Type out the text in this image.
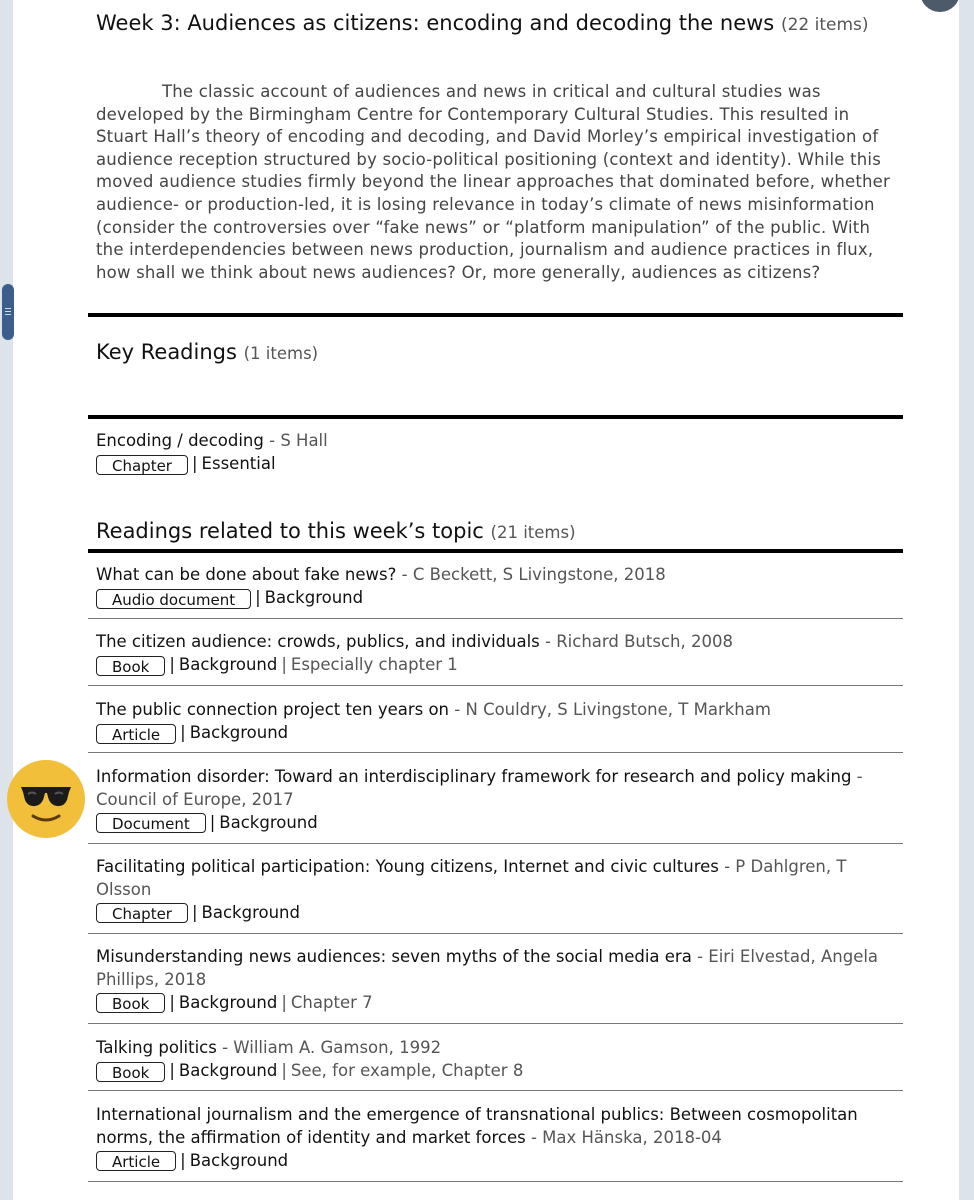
Week 3: Audiences as citizens: encoding and decoding the news (22 items)
The classic account of audiences and news in critical and cultural studies was developed by the Birmingham Centre for Contemporary Cultural Studies. This resulted in Stuart Hall’s theory of encoding and decoding, and David Morley’s empirical investigation of audience reception structured by socio-political positioning (context and identity). While this moved audience studies firmly beyond the linear approaches that dominated before, whether audience- or production-led, it is losing relevance in today’s climate of news misinformation (consider the controversies over “fake news” or “platform manipulation” of the public. With the interdependencies between news production, journalism and audience practices in flux, how shall we think about news audiences? Or, more generally, audiences as citizens?
Key Readings (1 items)
Encoding / decoding - S Hall
Chapter	| Essential
Readings related to this week’s topic (21 items)
What can be done about fake news? - C Beckett, S Livingstone, 2018
Audio document	| Background
The citizen audience: crowds, publics, and individuals - Richard Butsch, 2008
Book	| Background | Especially chapter 1
The public connection project ten years on - N Couldry, S Livingstone, T Markham
Article	| Background
Information disorder: Toward an interdisciplinary framework for research and policy making - Council of Europe, 2017
Document	| Background
Facilitating political participation: Young citizens, Internet and civic cultures - P Dahlgren, T Olsson
Chapter	| Background
Misunderstanding news audiences: seven myths of the social media era - Eiri Elvestad, Angela Phillips, 2018
Book	| Background | Chapter 7
Talking politics - William A. Gamson, 1992
Book	| Background | See, for example, Chapter 8
International journalism and the emergence of transnational publics: Between cosmopolitan norms, the affirmation of identity and market forces - Max Hänska, 2018-04
Article	| Background
